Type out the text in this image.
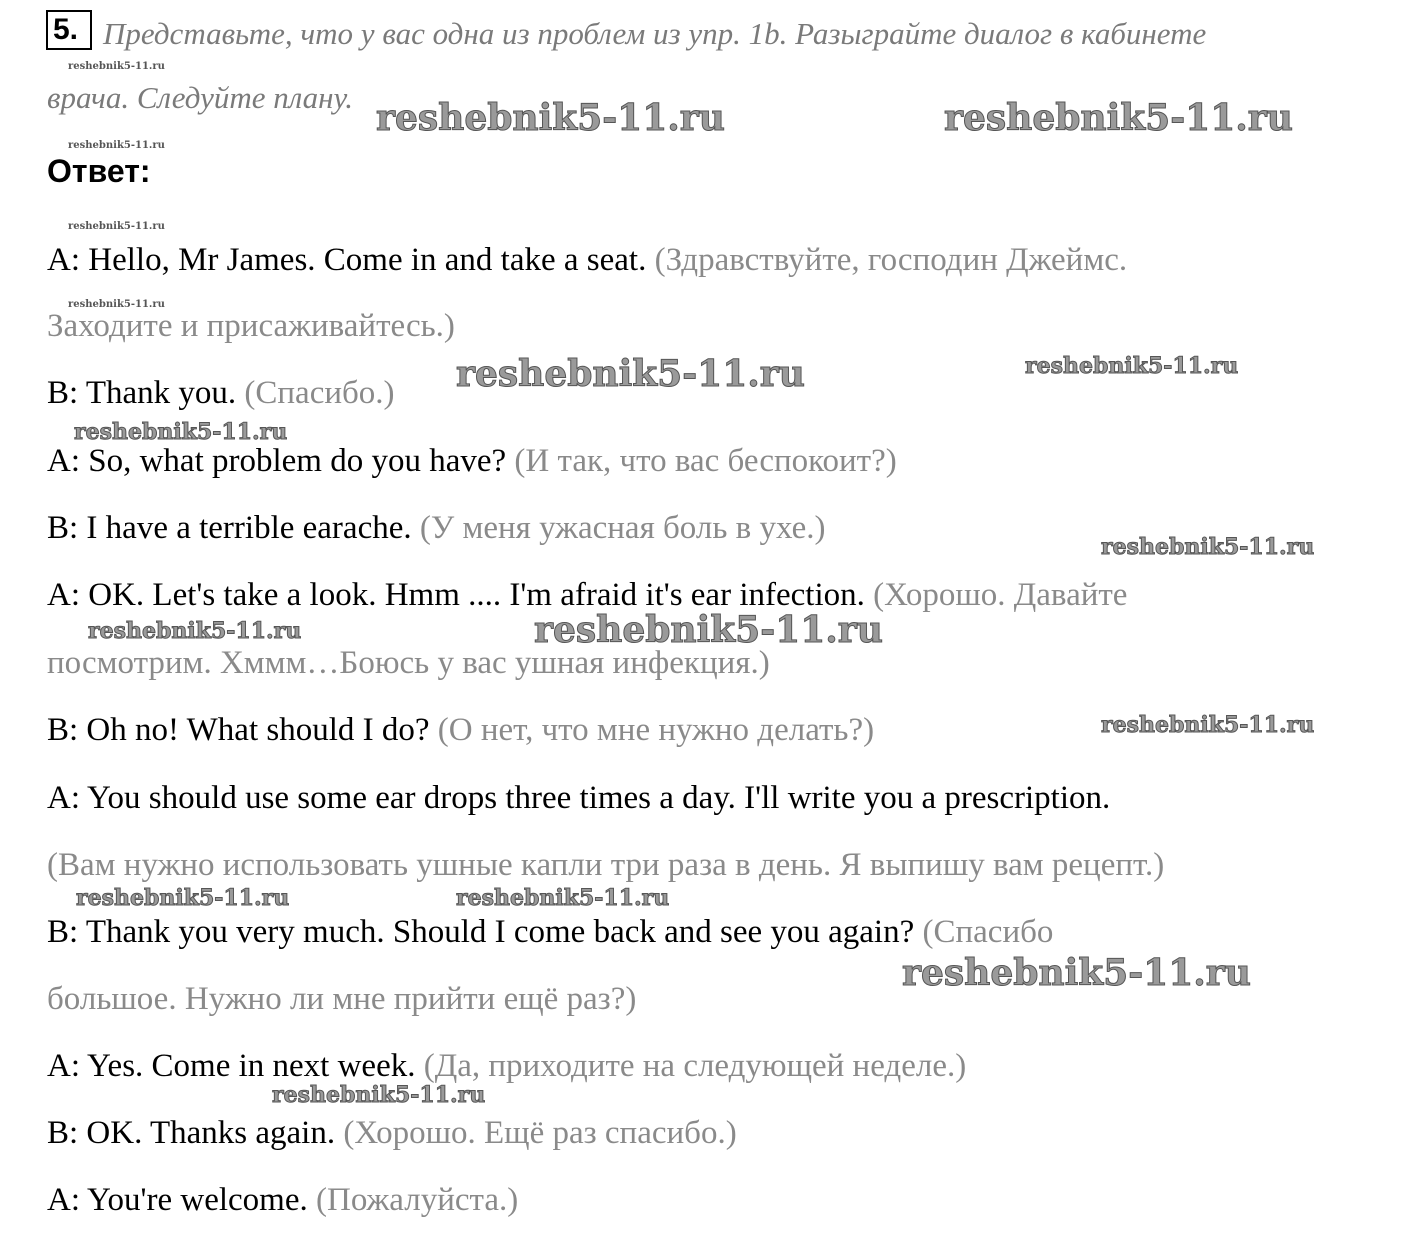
5. Представьте, что у вас одна из проблем из упр. 1b. Разыграйте диалог в кабинете
врача. Следуйте плану.
Ответ:
A: Hello, Mr James. Come in and take a seat. (Здравствуйте, господин Джеймс.
Заходите и присаживайтесь.)
B: Thank you. (Спасибо.)
A: So, what problem do you have? (И так, что вас беспокоит?)
B: I have a terrible earache. (У меня ужасная боль в ухе.)
A: OK. Let's take a look. Hmm .... I'm afraid it's ear infection. (Хорошо. Давайте
посмотрим. Хммм…Боюсь у вас ушная инфекция.)
B: Oh no! What should I do? (О нет, что мне нужно делать?)
A: You should use some ear drops three times a day. I'll write you a prescription.
(Вам нужно использовать ушные капли три раза в день. Я выпишу вам рецепт.)
B: Thank you very much. Should I come back and see you again? (Спасибо
большое. Нужно ли мне прийти ещё раз?)
A: Yes. Come in next week. (Да, приходите на следующей неделе.)
B: OK. Thanks again. (Хорошо. Ещё раз спасибо.)
A: You're welcome. (Пожалуйста.)
reshebnik5-11.ru
reshebnik5-11.ru
reshebnik5-11.ru
reshebnik5-11.ru
reshebnik5-11.ru	reshebnik5-11.ru
reshebnik5-11.ru	reshebnik5-11.ru
reshebnik5-11.ru
reshebnik5-11.ru
reshebnik5-11.ru	reshebnik5-11.ru
reshebnik5-11.ru
reshebnik5-11.ru	reshebnik5-11.ru
reshebnik5-11.ru
reshebnik5-11.ru
